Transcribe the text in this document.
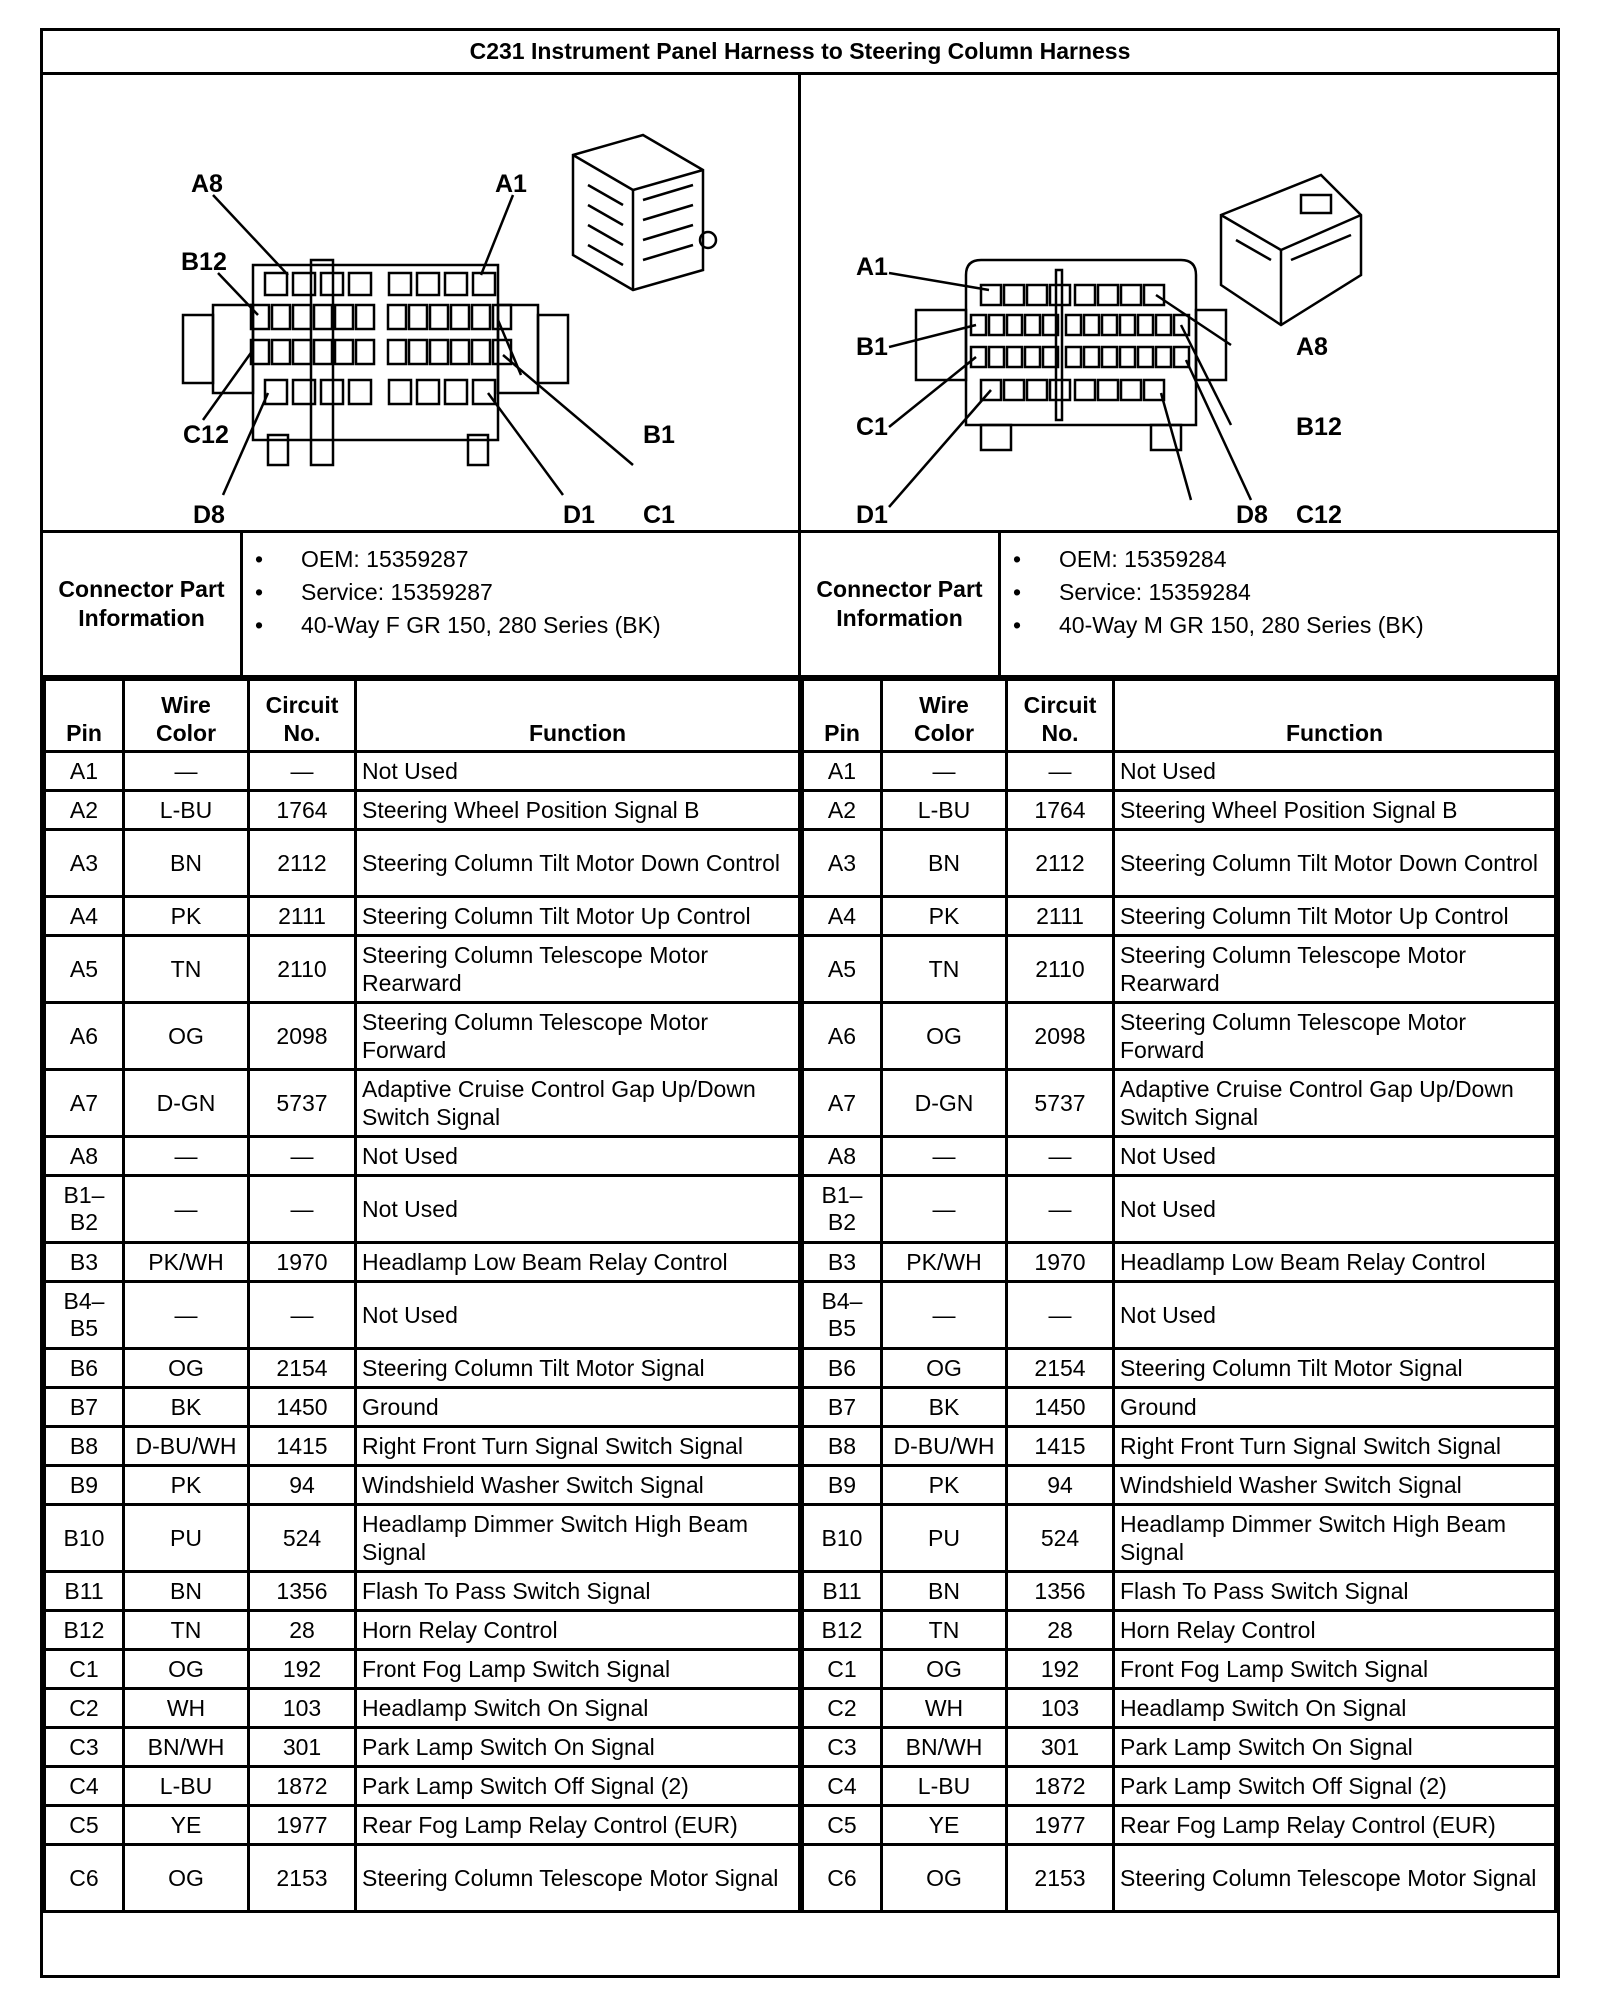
C231 Instrument Panel Harness to Steering Column Harness
A8	A1
B12
C12	B1
D8	D1 C1
A1
B1
C1
D1
A8
B12
D8 C12
Connector Part Information
• OEM: 15359287
• Service: 15359287
• 40-Way F GR 150, 280 Series (BK)
Connector Part Information
• OEM: 15359284
• Service: 15359284
• 40-Way M GR 150, 280 Series (BK)
Pin	Wire Color	Circuit No.	Function
A1	—	—	Not Used
A2	L-BU	1764	Steering Wheel Position Signal B
A3	BN	2112	Steering Column Tilt Motor Down Control
A4	PK	2111	Steering Column Tilt Motor Up Control
A5	TN	2110	Steering Column Telescope Motor Rearward
A6	OG	2098	Steering Column Telescope Motor Forward
A7	D-GN	5737	Adaptive Cruise Control Gap Up/Down Switch Signal
A8	—	—	Not Used
B1–B2	—	—	Not Used
B3	PK/WH	1970	Headlamp Low Beam Relay Control
B4–B5	—	—	Not Used
B6	OG	2154	Steering Column Tilt Motor Signal
B7	BK	1450	Ground
B8	D-BU/WH	1415	Right Front Turn Signal Switch Signal
B9	PK	94	Windshield Washer Switch Signal
B10	PU	524	Headlamp Dimmer Switch High Beam Signal
B11	BN	1356	Flash To Pass Switch Signal
B12	TN	28	Horn Relay Control
C1	OG	192	Front Fog Lamp Switch Signal
C2	WH	103	Headlamp Switch On Signal
C3	BN/WH	301	Park Lamp Switch On Signal
C4	L-BU	1872	Park Lamp Switch Off Signal (2)
C5	YE	1977	Rear Fog Lamp Relay Control (EUR)
C6	OG	2153	Steering Column Telescope Motor Signal
Pin	Wire Color	Circuit No.	Function
A1	—	—	Not Used
A2	L-BU	1764	Steering Wheel Position Signal B
A3	BN	2112	Steering Column Tilt Motor Down Control
A4	PK	2111	Steering Column Tilt Motor Up Control
A5	TN	2110	Steering Column Telescope Motor Rearward
A6	OG	2098	Steering Column Telescope Motor Forward
A7	D-GN	5737	Adaptive Cruise Control Gap Up/Down Switch Signal
A8	—	—	Not Used
B1–B2	—	—	Not Used
B3	PK/WH	1970	Headlamp Low Beam Relay Control
B4–B5	—	—	Not Used
B6	OG	2154	Steering Column Tilt Motor Signal
B7	BK	1450	Ground
B8	D-BU/WH	1415	Right Front Turn Signal Switch Signal
B9	PK	94	Windshield Washer Switch Signal
B10	PU	524	Headlamp Dimmer Switch High Beam Signal
B11	BN	1356	Flash To Pass Switch Signal
B12	TN	28	Horn Relay Control
C1	OG	192	Front Fog Lamp Switch Signal
C2	WH	103	Headlamp Switch On Signal
C3	BN/WH	301	Park Lamp Switch On Signal
C4	L-BU	1872	Park Lamp Switch Off Signal (2)
C5	YE	1977	Rear Fog Lamp Relay Control (EUR)
C6	OG	2153	Steering Column Telescope Motor Signal
